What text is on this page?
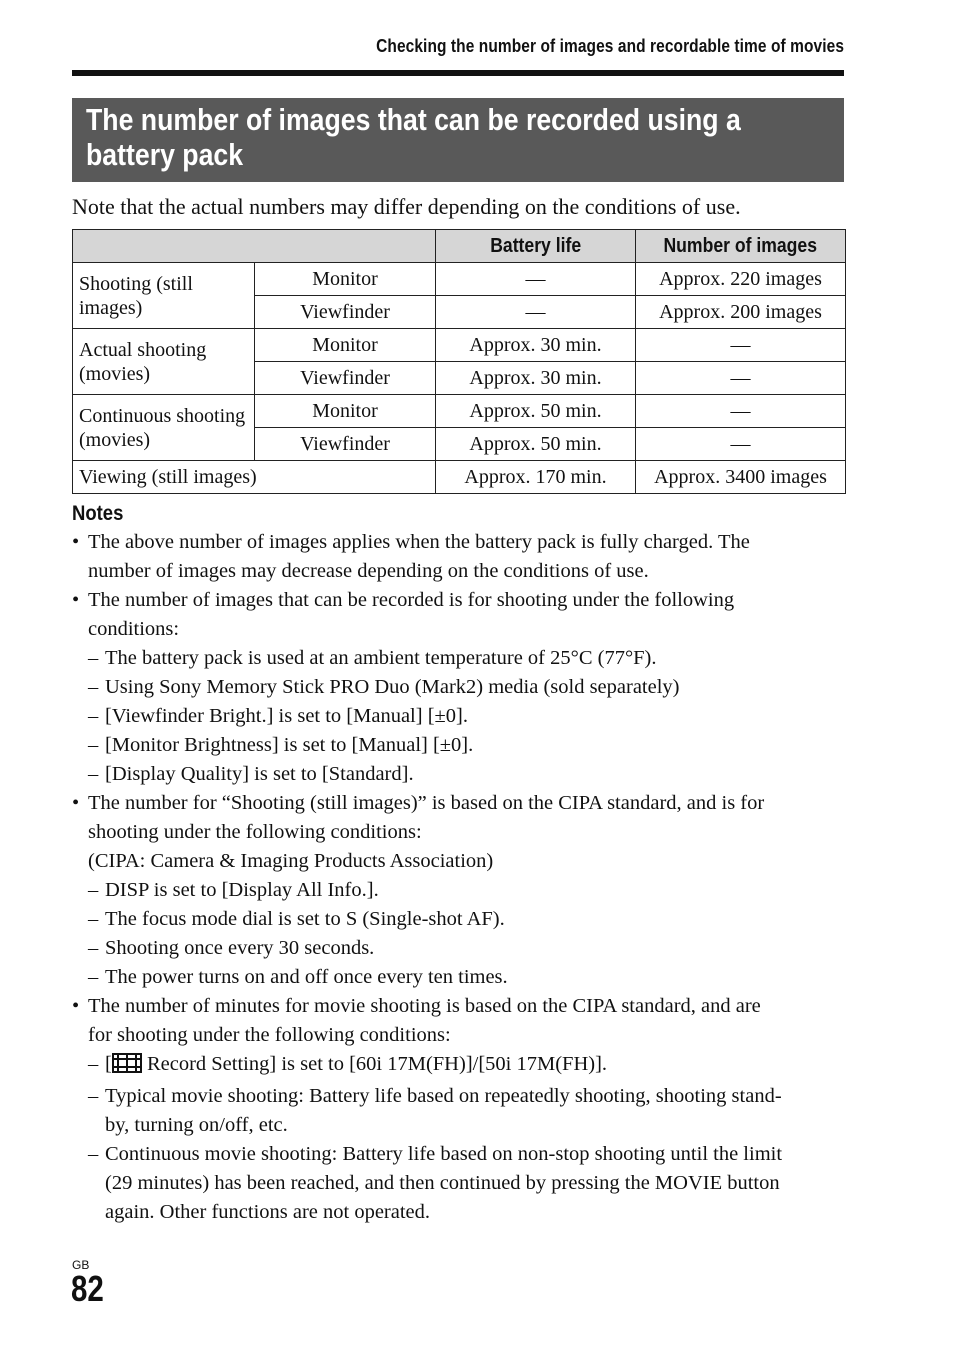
Checking the number of images and recordable time of movies
The number of images that can be recorded using a
battery pack
Note that the actual numbers may differ depending on the conditions of use.
		Battery life	Number of images
Shooting (still images)	Monitor	—	Approx. 220 images
	Viewfinder	—	Approx. 200 images
Actual shooting (movies)	Monitor	Approx. 30 min.	—
	Viewfinder	Approx. 30 min.	—
Continuous shooting (movies)	Monitor	Approx. 50 min.	—
	Viewfinder	Approx. 50 min.	—
Viewing (still images)		Approx. 170 min.	Approx. 3400 images
Notes
• The above number of images applies when the battery pack is fully charged. The
number of images may decrease depending on the conditions of use.
• The number of images that can be recorded is for shooting under the following
conditions:
– The battery pack is used at an ambient temperature of 25°C (77°F).
– Using Sony Memory Stick PRO Duo (Mark2) media (sold separately)
– [Viewfinder Bright.] is set to [Manual] [±0].
– [Monitor Brightness] is set to [Manual] [±0].
– [Display Quality] is set to [Standard].
• The number for “Shooting (still images)” is based on the CIPA standard, and is for
shooting under the following conditions:
(CIPA: Camera & Imaging Products Association)
– DISP is set to [Display All Info.].
– The focus mode dial is set to S (Single-shot AF).
– Shooting once every 30 seconds.
– The power turns on and off once every ten times.
• The number of minutes for movie shooting is based on the CIPA standard, and are
for shooting under the following conditions:
– [ Record Setting] is set to [60i 17M(FH)]/[50i 17M(FH)].
– Typical movie shooting: Battery life based on repeatedly shooting, shooting stand-
by, turning on/off, etc.
– Continuous movie shooting: Battery life based on non-stop shooting until the limit
(29 minutes) has been reached, and then continued by pressing the MOVIE button
again. Other functions are not operated.
GB
82
